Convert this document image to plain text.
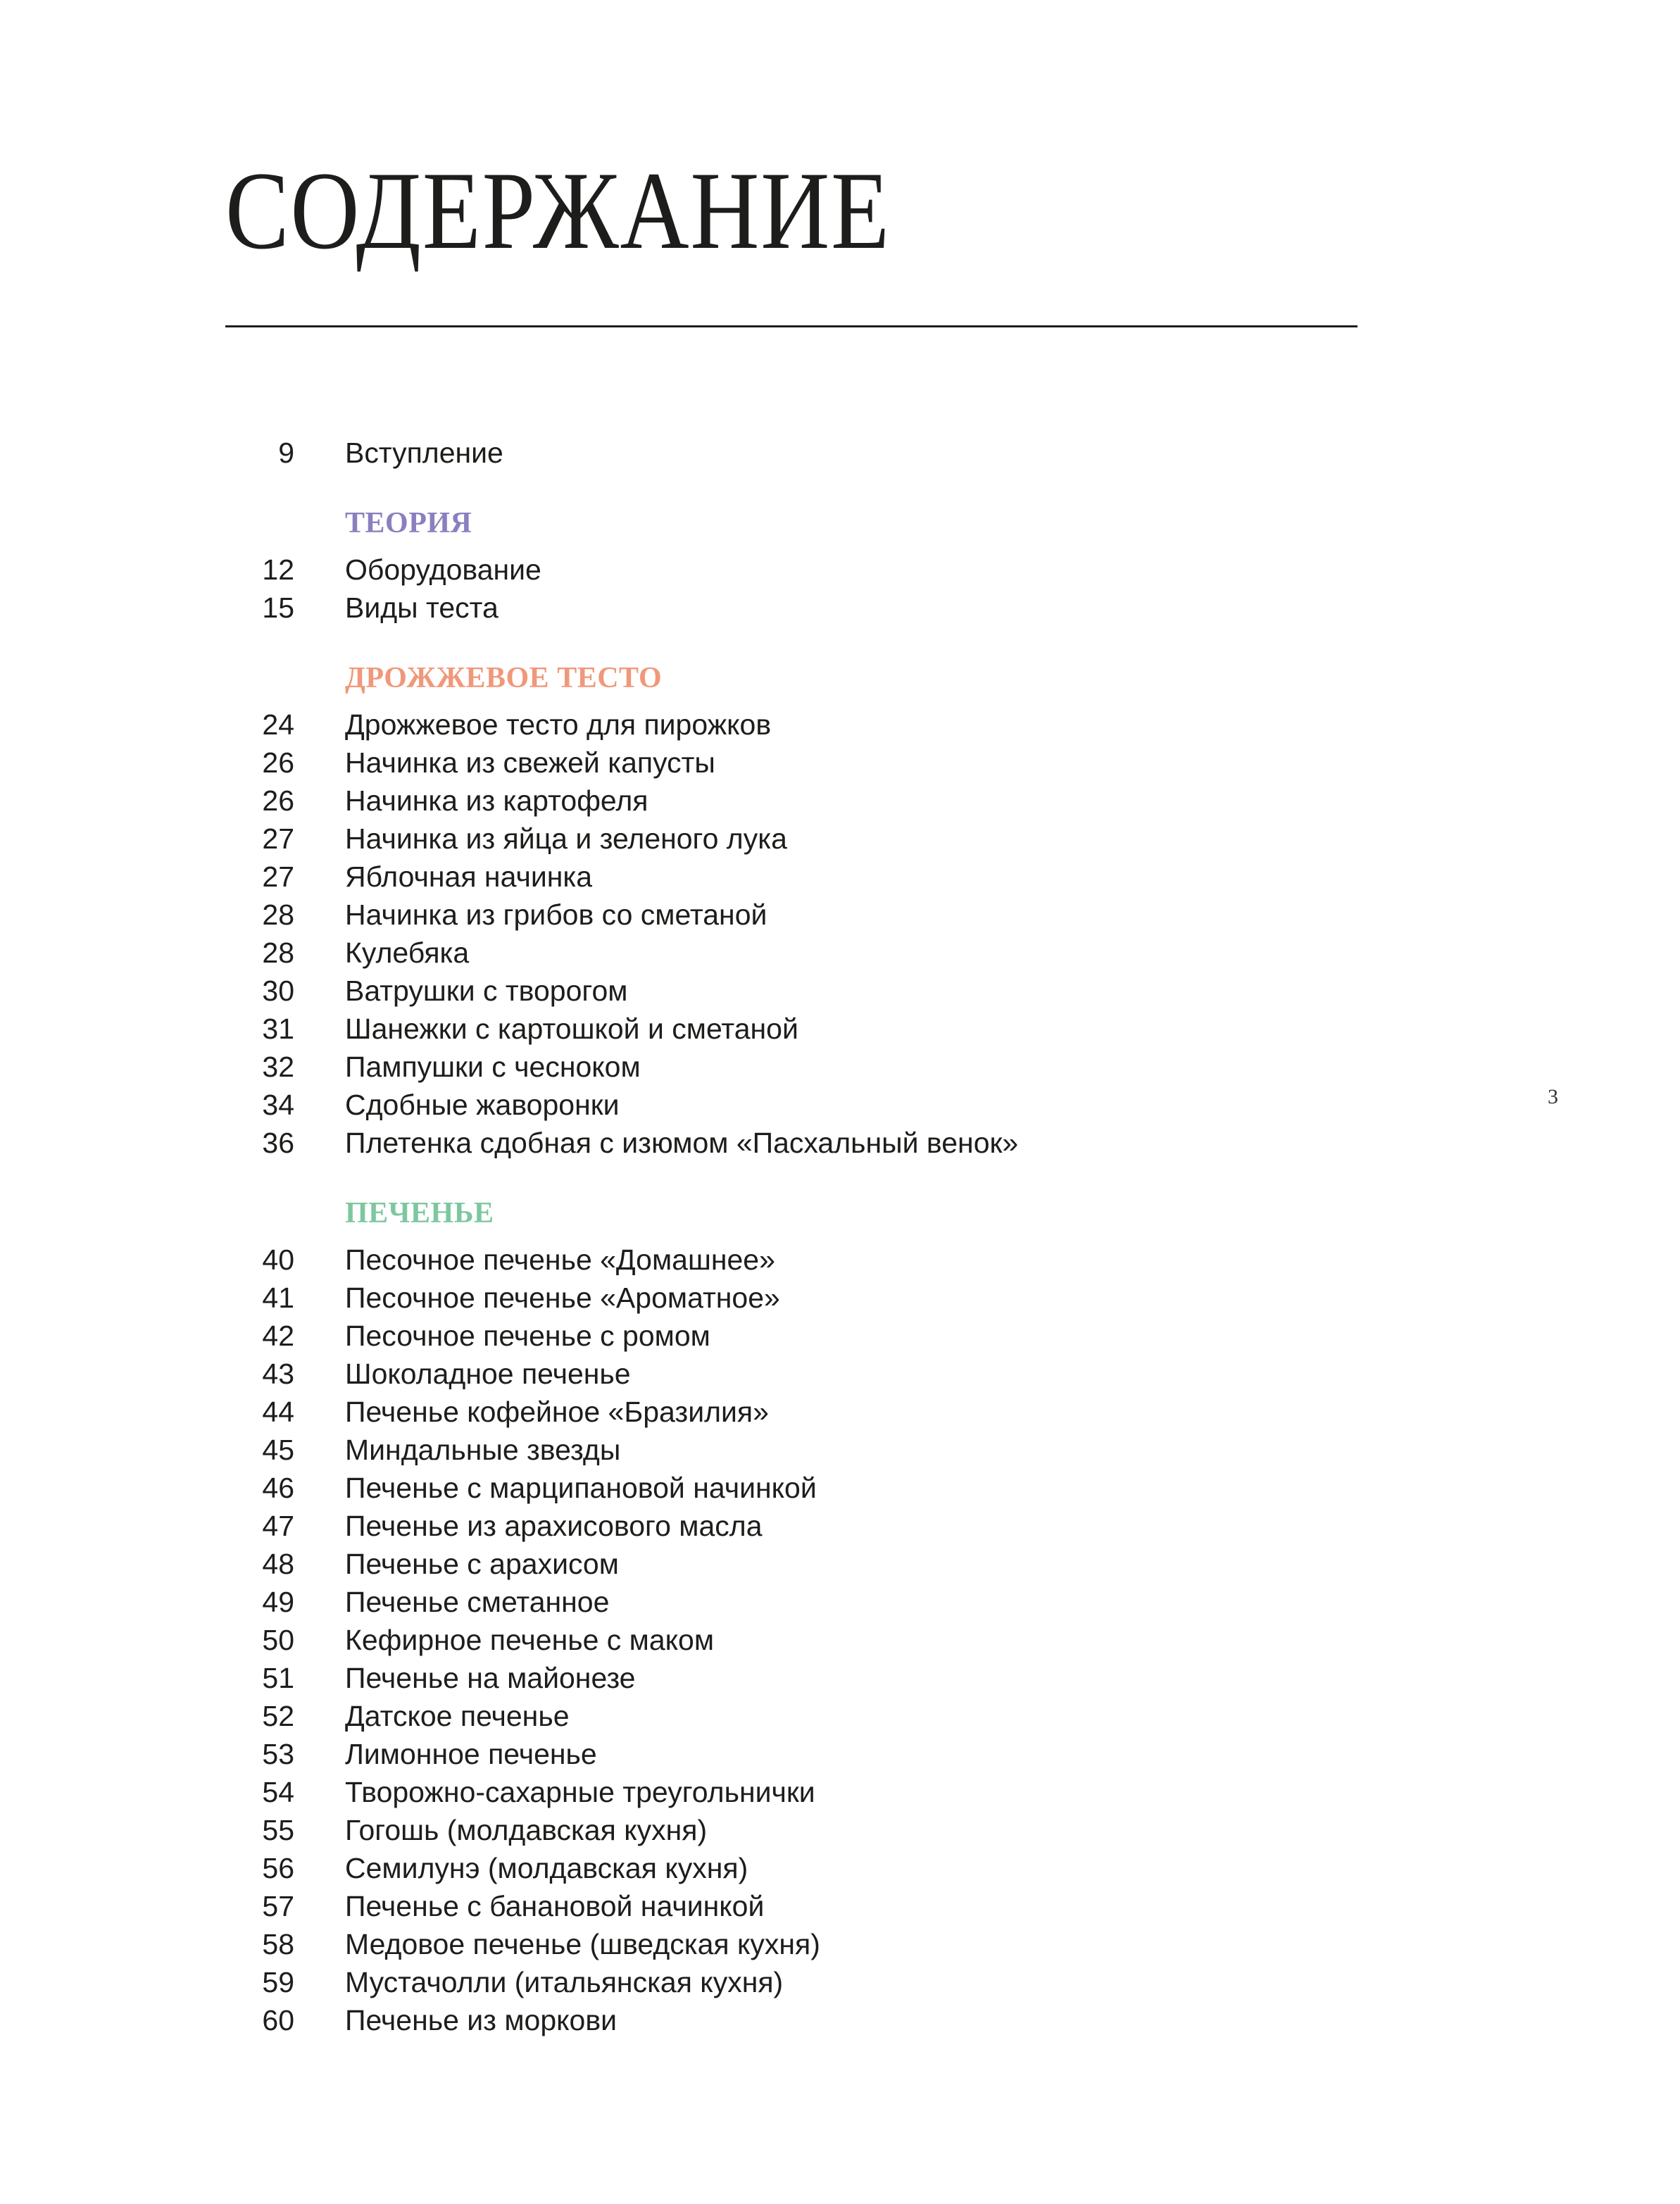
СОДЕРЖАНИЕ
9 Вступление
ТЕОРИЯ
12 Оборудование
15 Виды теста
ДРОЖЖЕВОЕ ТЕСТО
24 Дрожжевое тесто для пирожков
26 Начинка из свежей капусты
26 Начинка из картофеля
27 Начинка из яйца и зеленого лука
27 Яблочная начинка
28 Начинка из грибов со сметаной
28 Кулебяка
30 Ватрушки с творогом
31 Шанежки с картошкой и сметаной
32 Пампушки с чесноком
34 Сдобные жаворонки
36 Плетенка сдобная с изюмом «Пасхальный венок»
ПЕЧЕНЬЕ
40 Песочное печенье «Домашнее»
41 Песочное печенье «Ароматное»
42 Песочное печенье с ромом
43 Шоколадное печенье
44 Печенье кофейное «Бразилия»
45 Миндальные звезды
46 Печенье с марципановой начинкой
47 Печенье из арахисового масла
48 Печенье с арахисом
49 Печенье сметанное
50 Кефирное печенье с маком
51 Печенье на майонезе
52 Датское печенье
53 Лимонное печенье
54 Творожно-сахарные треугольнички
55 Гогошь (молдавская кухня)
56 Семилунэ (молдавская кухня)
57 Печенье с банановой начинкой
58 Медовое печенье (шведская кухня)
59 Мустачолли (итальянская кухня)
60 Печенье из моркови
3
